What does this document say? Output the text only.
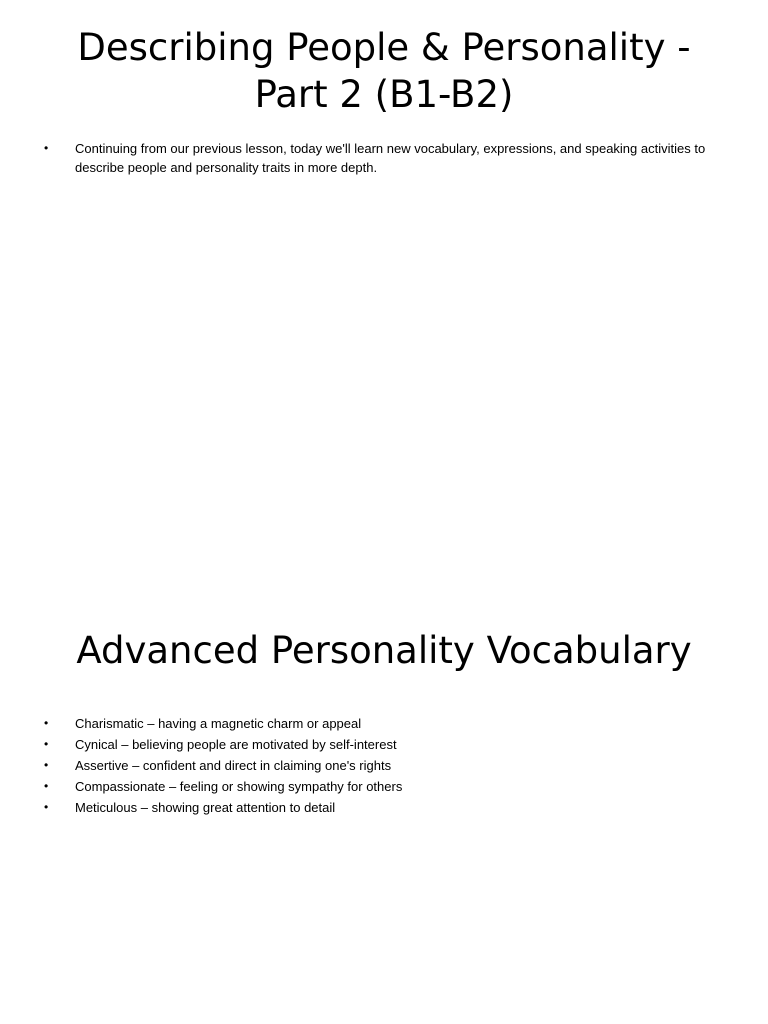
Describing People & Personality - Part 2 (B1-B2)
• Continuing from our previous lesson, today we'll learn new vocabulary, expressions, and speaking activities to describe people and personality traits in more depth.
Advanced Personality Vocabulary
• Charismatic – having a magnetic charm or appeal
• Cynical – believing people are motivated by self-interest
• Assertive – confident and direct in claiming one's rights
• Compassionate – feeling or showing sympathy for others
• Meticulous – showing great attention to detail
